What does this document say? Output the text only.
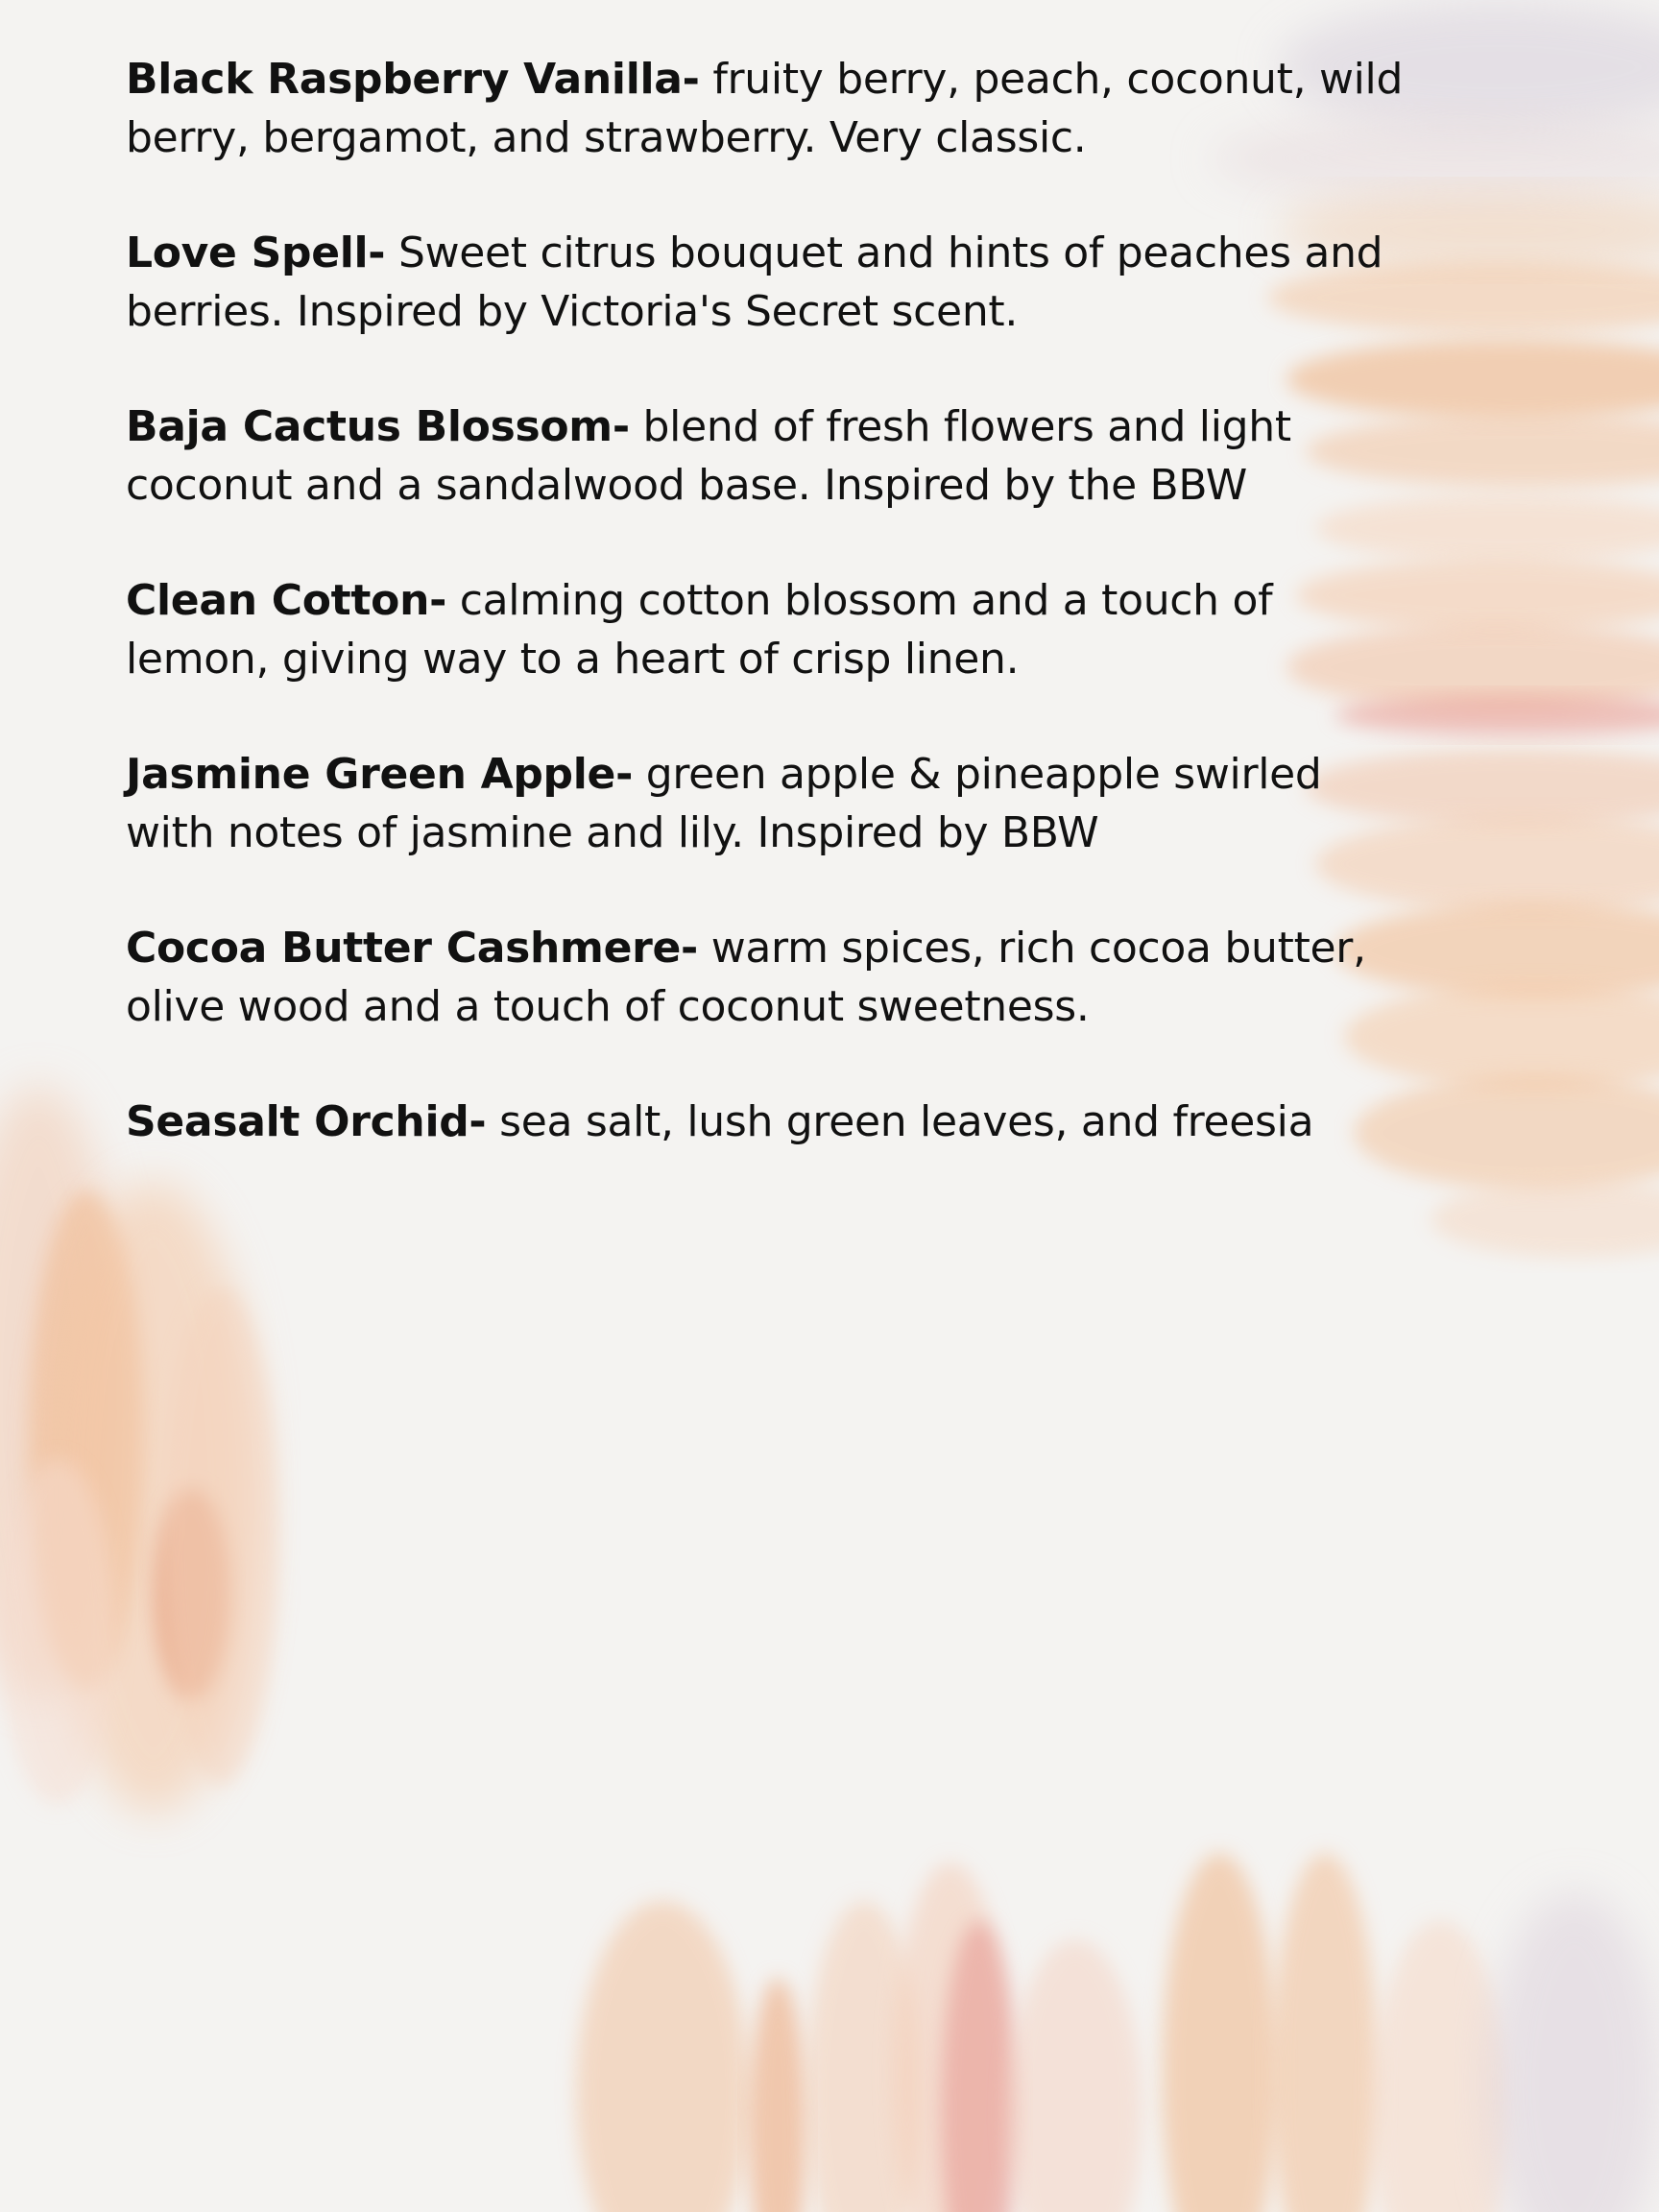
Black Raspberry Vanilla- fruity berry, peach, coconut, wild berry, bergamot, and strawberry. Very classic.

Love Spell- Sweet citrus bouquet and hints of peaches and berries. Inspired by Victoria's Secret scent.

Baja Cactus Blossom- blend of fresh flowers and light coconut and a sandalwood base. Inspired by the BBW

Clean Cotton- calming cotton blossom and a touch of lemon, giving way to a heart of crisp linen.

Jasmine Green Apple- green apple & pineapple swirled with notes of jasmine and lily. Inspired by BBW

Cocoa Butter Cashmere- warm spices, rich cocoa butter, olive wood and a touch of coconut sweetness.

Seasalt Orchid- sea salt, lush green leaves, and freesia
